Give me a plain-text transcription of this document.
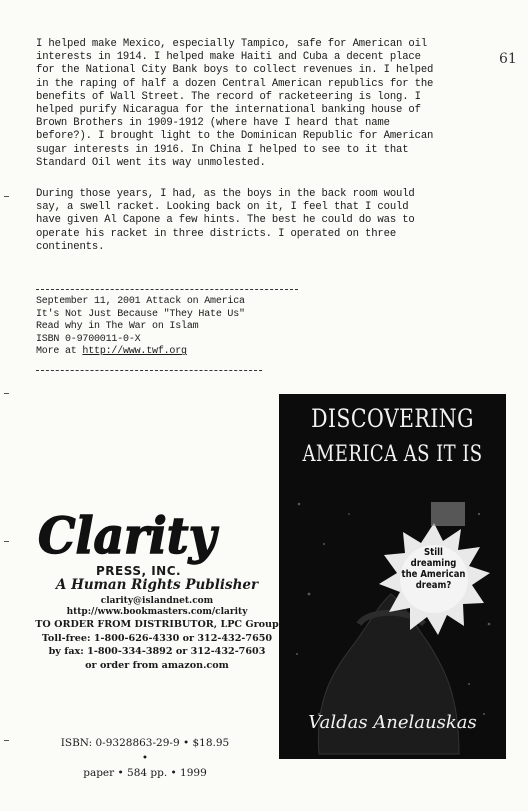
I helped make Mexico, especially Tampico, safe for American oil
interests in 1914. I helped make Haiti and Cuba a decent place
for the National City Bank boys to collect revenues in. I helped
in the raping of half a dozen Central American republics for the
benefits of Wall Street. The record of racketeering is long. I
helped purify Nicaragua for the international banking house of
Brown Brothers in 1909-1912 (where have I heard that name
before?). I brought light to the Dominican Republic for American
sugar interests in 1916. In China I helped to see to it that
Standard Oil went its way unmolested.
61
During those years, I had, as the boys in the back room would
say, a swell racket. Looking back on it, I feel that I could
have given Al Capone a few hints. The best he could do was to
operate his racket in three districts. I operated on three
continents.
September 11, 2001 Attack on America
It's Not Just Because "They Hate Us"
Read why in The War on Islam
ISBN 0-9700011-0-X
More at http://www.twf.org
Clarity
PRESS, INC.
A Human Rights Publisher
clarity@islandnet.com
http://www.bookmasters.com/clarity
TO ORDER FROM DISTRIBUTOR, LPC Group
Toll-free: 1-800-626-4330 or 312-432-7650
by fax: 1-800-334-3892 or 312-432-7603
or order from amazon.com
ISBN: 0-9328863-29-9 • $18.95 •
paper • 584 pp. • 1999
DISCOVERING
AMERICA AS IT IS
Still
dreaming
the American
dream?
Valdas Anelauskas
